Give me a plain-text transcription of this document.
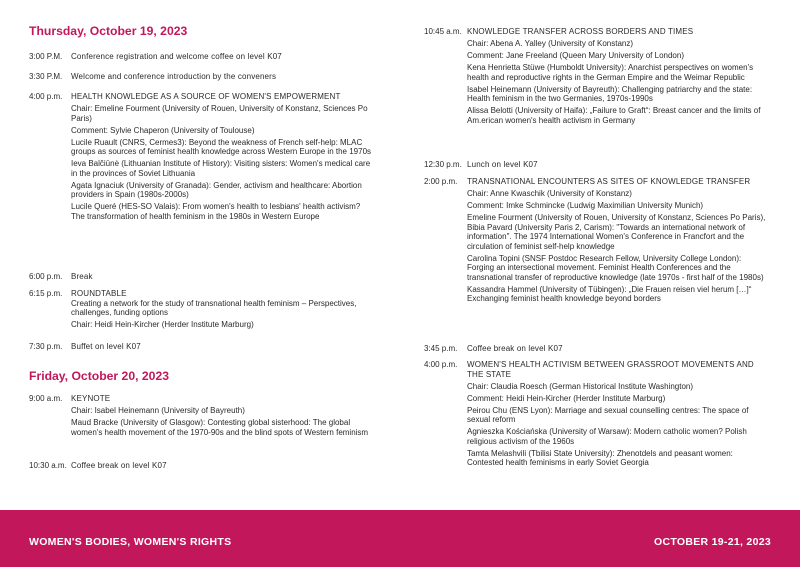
Thursday, October 19, 2023
3:00 P.M. Conference registration and welcome coffee on level K07
3:30 P.M. Welcome and conference introduction by the conveners
4:00 p.m. HEALTH KNOWLEDGE AS A SOURCE OF WOMEN'S EMPOWERMENT
Chair: Emeline Fourment (University of Rouen, University of Konstanz, Sciences Po Paris)
Comment: Sylvie Chaperon (University of Toulouse)
Lucile Ruault (CNRS, Cermes3): Beyond the weakness of French self-help: MLAC groups as sources of feminist health knowledge across Western Europe in the 1970s
Ieva Balčiūnė (Lithuanian Institute of History): Visiting sisters: Women's medical care in the provinces of Soviet Lithuania
Agata Ignaciuk (University of Granada): Gender, activism and healthcare: Abortion providers in Spain (1980s-2000s)
Lucile Queré (HES-SO Valais): From women's health to lesbians' health activism? The transformation of health feminism in the 1980s in Western Europe
6:00 p.m. Break
6:15 p.m. ROUNDTABLE
Creating a network for the study of transnational health feminism – Perspectives, challenges, funding options
Chair: Heidi Hein-Kircher (Herder Institute Marburg)
7:30 p.m. Buffet on level K07
Friday, October 20, 2023
9:00 a.m. KEYNOTE
Chair: Isabel Heinemann (University of Bayreuth)
Maud Bracke (University of Glasgow): Contesting global sisterhood: The global women's health movement of the 1970-90s and the blind spots of Western feminism
10:30 a.m. Coffee break on level K07
10:45 a.m. KNOWLEDGE TRANSFER ACROSS BORDERS AND TIMES
Chair: Abena A. Yalley (University of Konstanz)
Comment: Jane Freeland (Queen Mary University of London)
Kena Henrietta Stüwe (Humboldt University): Anarchist perspectives on women's health and reproductive rights in the German Empire and the Weimar Republic
Isabel Heinemann (University of Bayreuth): Challenging patriarchy and the state: Health feminism in the two Germanies, 1970s-1990s
Alissa Belotti (University of Haifa): „Failure to Graft“: Breast cancer and the limits of Am.erican women's health activism in Germany
12:30 p.m. Lunch on level K07
2:00 p.m. TRANSNATIONAL ENCOUNTERS AS SITES OF KNOWLEDGE TRANSFER
Chair: Anne Kwaschik (University of Konstanz)
Comment: Imke Schmincke (Ludwig Maximilian University Munich)
Emeline Fourment (University of Rouen, University of Konstanz, Sciences Po Paris), Bibia Pavard (University Paris 2, Carism): "Towards an international network of information". The 1974 International Women's Conference in Francfort and the circulation of feminist self-help knowledge
Carolina Topini (SNSF Postdoc Research Fellow, University College London): Forging an intersectional movement. Feminist Health Conferences and the transnational transfer of reproductive knowledge (late 1970s - first half of the 1980s)
Kassandra Hammel (University of Tübingen): „Die Frauen reisen viel herum […]“ Exchanging feminist health knowledge beyond borders
3:45 p.m. Coffee break on level K07
4:00 p.m. WOMEN'S HEALTH ACTIVISM BETWEEN GRASSROOT MOVEMENTS AND THE STATE
Chair: Claudia Roesch (German Historical Institute Washington)
Comment: Heidi Hein-Kircher (Herder Institute Marburg)
Peirou Chu (ENS Lyon): Marriage and sexual counselling centres: The space of sexual reform
Agnieszka Kościańska (University of Warsaw): Modern catholic women? Polish religious activism of the 1960s
Tamta Melashvili (Tbilisi State University): Zhenotdels and peasant women: Contested health feminisms in early Soviet Georgia
WOMEN'S BODIES, WOMEN'S RIGHTS	OCTOBER 19-21, 2023
